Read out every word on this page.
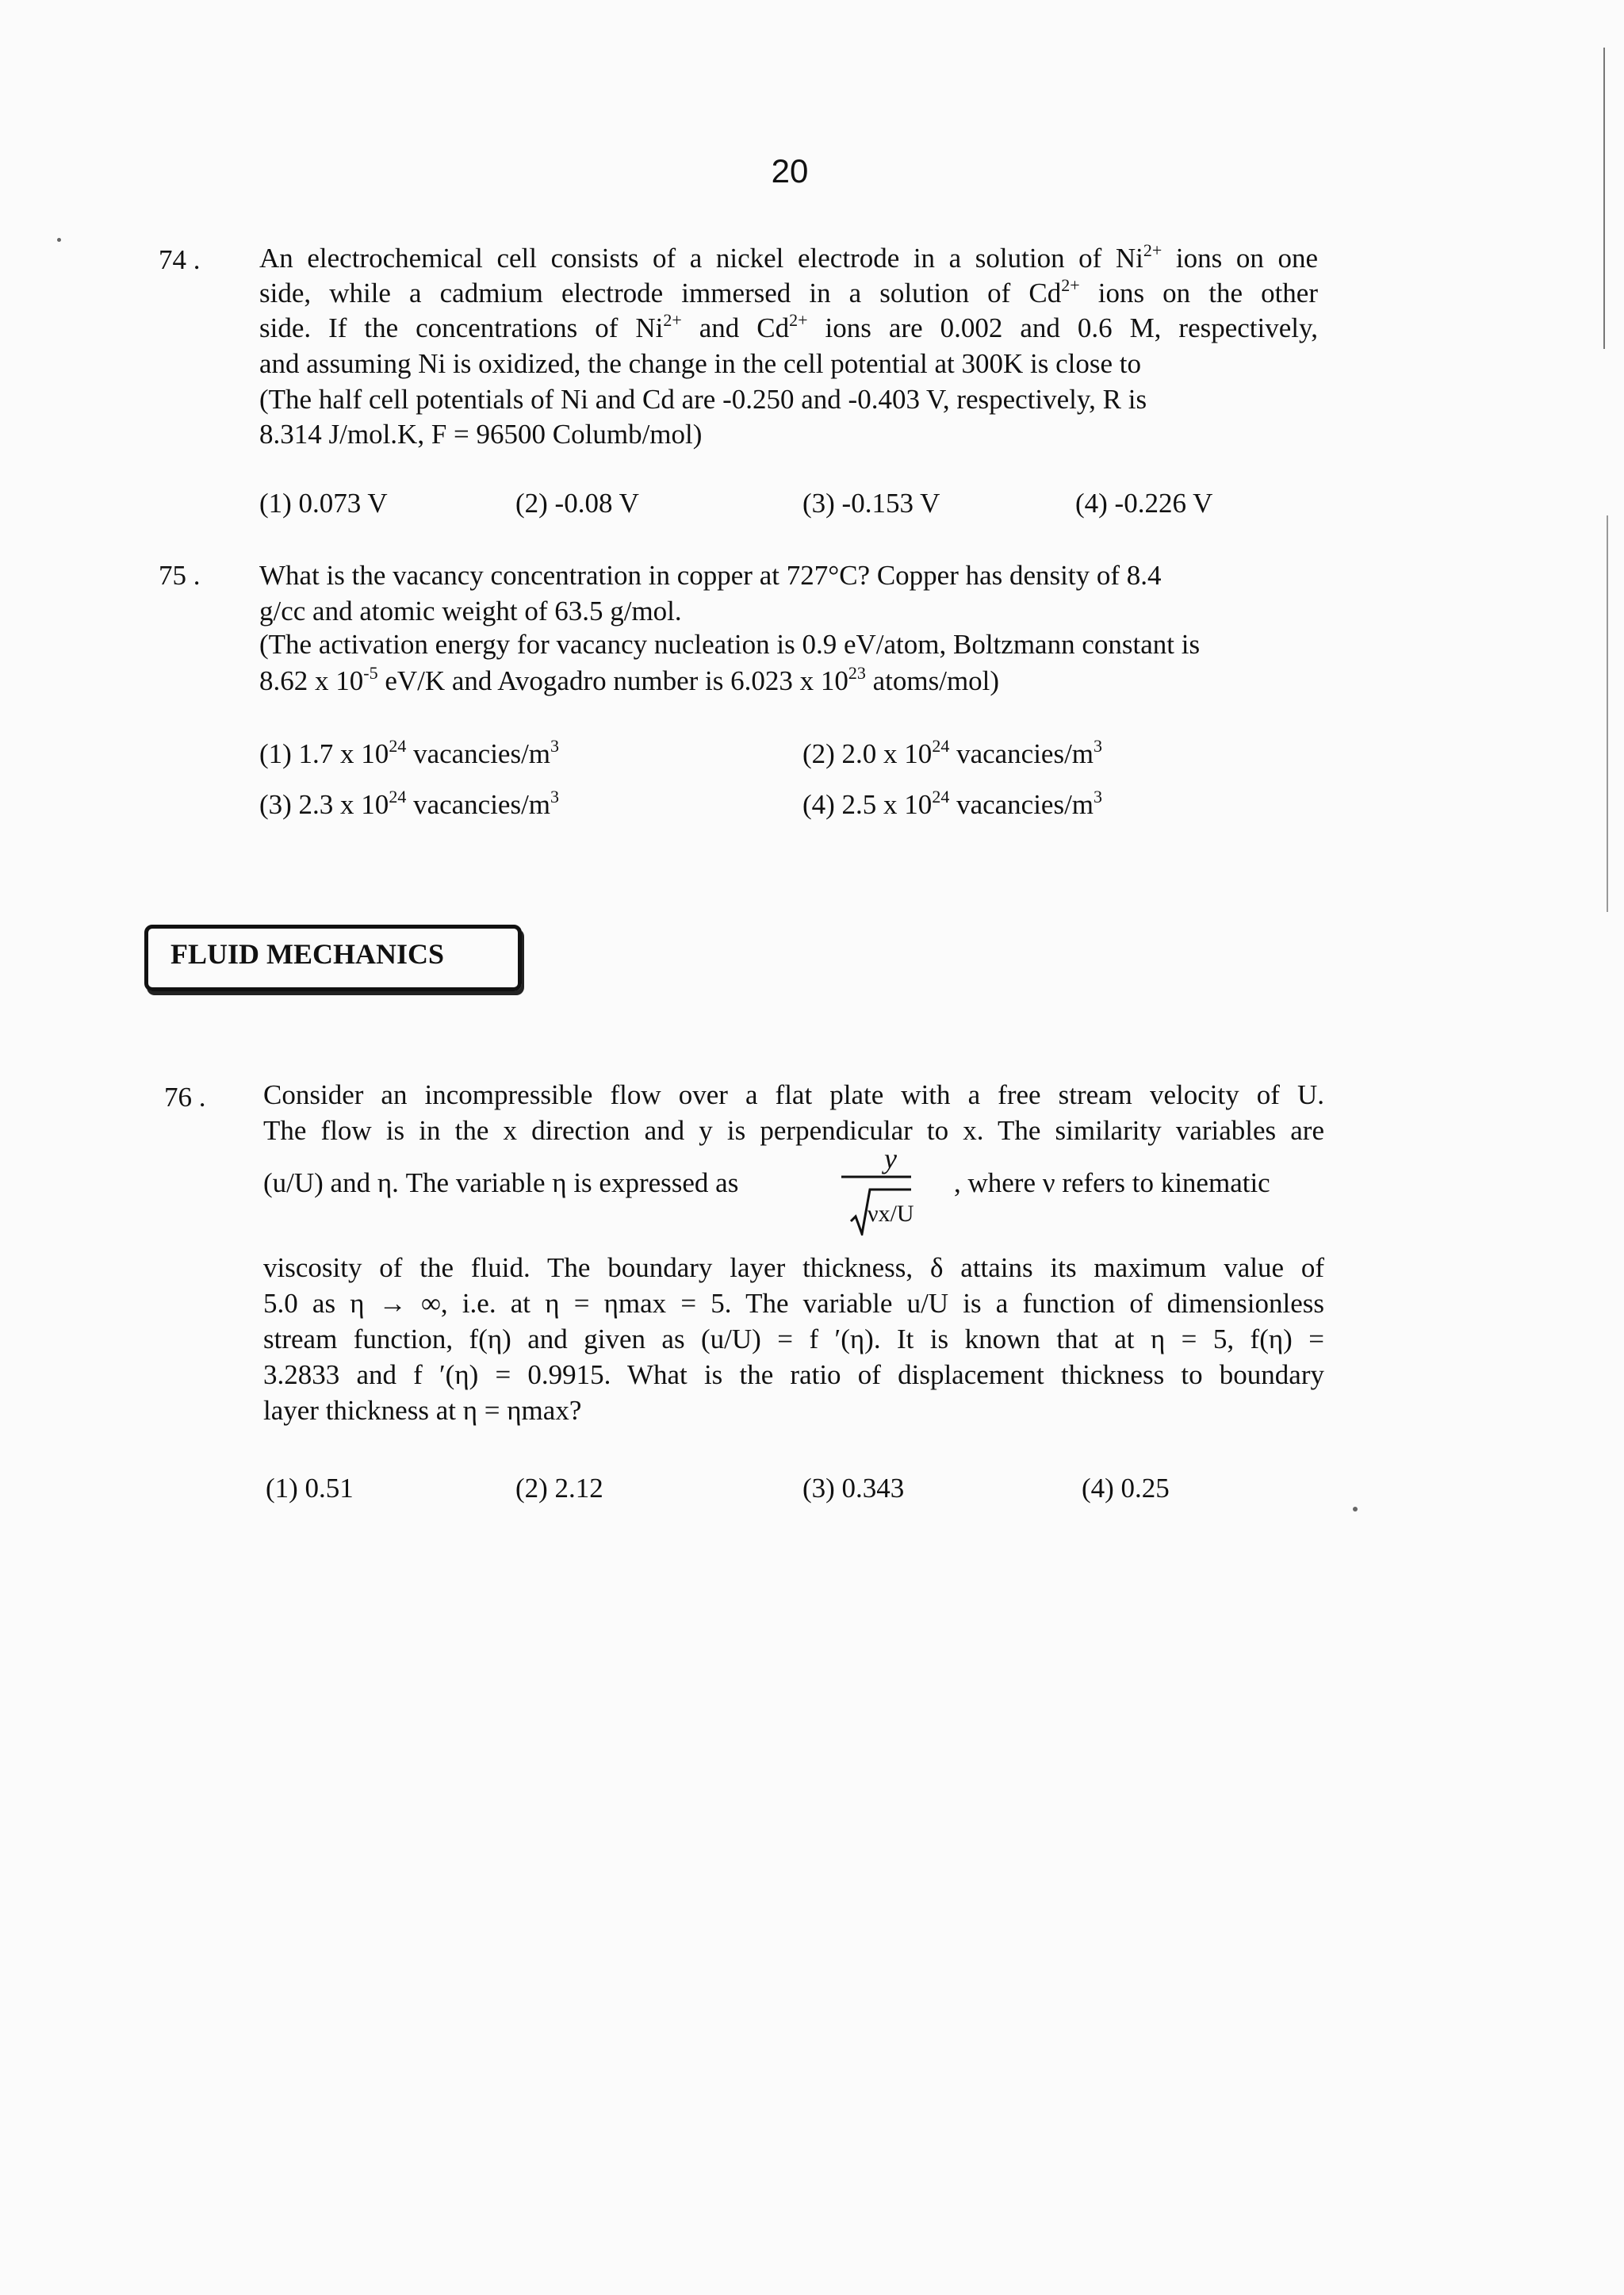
20
74 . An electrochemical cell consists of a nickel electrode in a solution of $Ni^{2+}$ ions on one
side, while a cadmium electrode immersed in a solution of $Cd^{2+}$ ions on the other
side. If the concentrations of $Ni^{2+}$ and $Cd^{2+}$ ions are 0.002 and 0.6 M, respectively,
and assuming Ni is oxidized, the change in the cell potential at 300K is close to
(The half cell potentials of Ni and Cd are -0.250 and -0.403 V, respectively, R is
8.314 J/mol.K, F = 96500 Columb/mol)
(1) 0.073 V	(2) -0.08 V	(3) -0.153 V	(4) -0.226 V
75 . What is the vacancy concentration in copper at 727°C? Copper has density of 8.4
g/cc and atomic weight of 63.5 g/mol.
(The activation energy for vacancy nucleation is 0.9 eV/atom, Boltzmann constant is
8.62 x $10^{-5}$ eV/K and Avogadro number is 6.023 x $10^{23}$ atoms/mol)
(1) 1.7 x $10^{24}$ vacancies/$m^3$	(2) 2.0 x $10^{24}$ vacancies/$m^3$
(3) 2.3 x $10^{24}$ vacancies/$m^3$	(4) 2.5 x $10^{24}$ vacancies/$m^3$
FLUID MECHANICS
76 . Consider an incompressible flow over a flat plate with a free stream velocity of U.
The flow is in the x direction and y is perpendicular to x. The similarity variables are
(u/U) and η. The variable η is expressed as	, where ν refers to kinematic
y
νx/U
viscosity of the fluid. The boundary layer thickness, δ attains its maximum value of
5.0 as η → ∞, i.e. at η = ηmax = 5. The variable u/U is a function of dimensionless
stream function, f(η) and given as (u/U) = f ′(η). It is known that at η = 5, f(η) =
3.2833 and f ′(η) = 0.9915. What is the ratio of displacement thickness to boundary
layer thickness at η = ηmax?
(1) 0.51	(2) 2.12	(3) 0.343	(4) 0.25
